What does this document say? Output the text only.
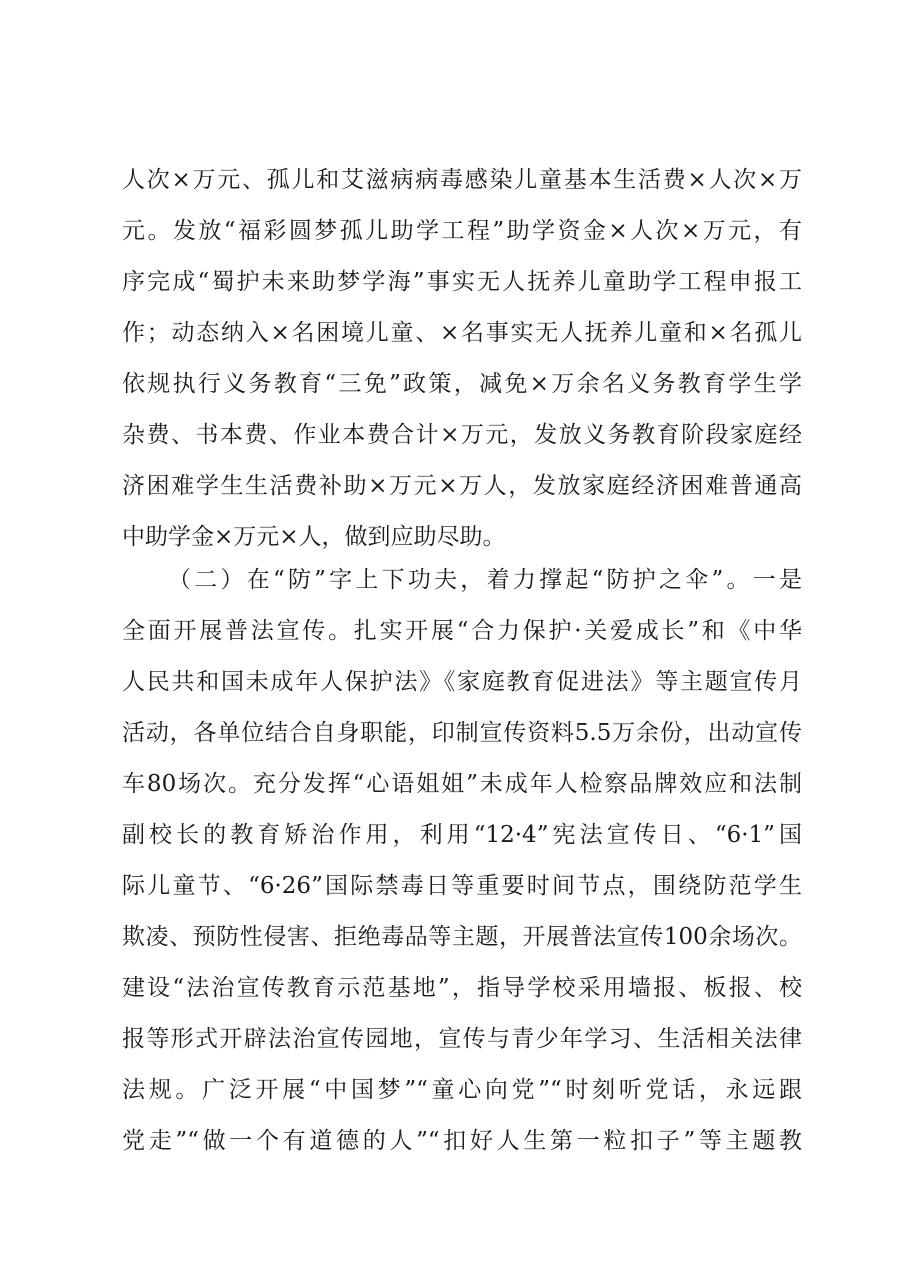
人次×万元、孤儿和艾滋病病毒感染儿童基本生活费×人次×万
元。发放“福彩圆梦孤儿助学工程”助学资金×人次×万元，有
序完成“蜀护未来助梦学海”事实无人抚养儿童助学工程申报工
作；动态纳入×名困境儿童、×名事实无人抚养儿童和×名孤儿
依规执行义务教育“三免”政策，减免×万余名义务教育学生学
杂费、书本费、作业本费合计×万元，发放义务教育阶段家庭经
济困难学生生活费补助×万元×万人，发放家庭经济困难普通高
中助学金×万元×人，做到应助尽助。
（二）在“防”字上下功夫，着力撑起“防护之伞”。一是
全面开展普法宣传。扎实开展“合力保护·关爱成长”和《中华
人民共和国未成年人保护法》《家庭教育促进法》等主题宣传月
活动，各单位结合自身职能，印制宣传资料5.5万余份，出动宣传
车80场次。充分发挥“心语姐姐”未成年人检察品牌效应和法制
副校长的教育矫治作用，利用“12·4”宪法宣传日、“6·1”国
际儿童节、“6·26”国际禁毒日等重要时间节点，围绕防范学生
欺凌、预防性侵害、拒绝毒品等主题，开展普法宣传100余场次。
建设“法治宣传教育示范基地”，指导学校采用墙报、板报、校
报等形式开辟法治宣传园地，宣传与青少年学习、生活相关法律
法规。广泛开展“中国梦”“童心向党”“时刻听党话，永远跟
党走”“做一个有道德的人”“扣好人生第一粒扣子”等主题教
